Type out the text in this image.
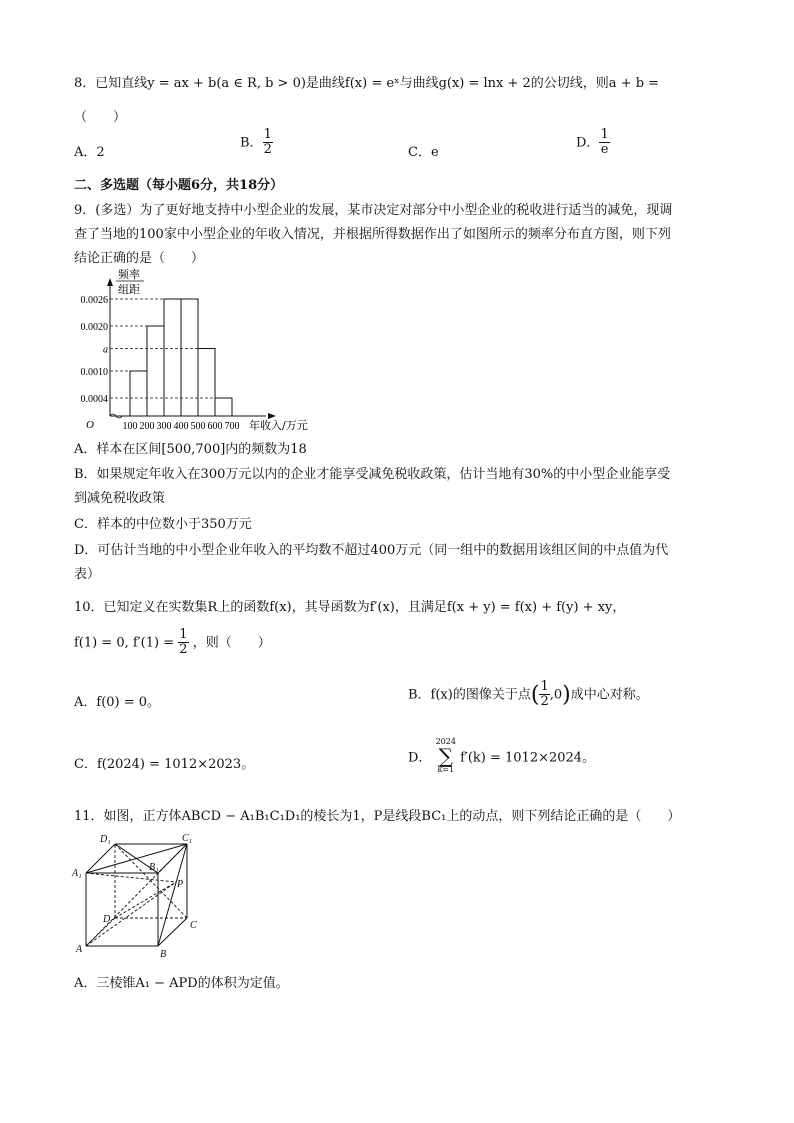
8．已知直线y = ax + b(a ∈ R, b > 0)是曲线f(x) = eˣ与曲线g(x) = lnx + 2的公切线，则a + b =
（　　）
A．2
B． $\frac{1}{2}$	C．e
D． $\frac{1}{e}$
二、多选题（每小题6分，共18分）
9．(多选）为了更好地支持中小型企业的发展，某市决定对部分中小型企业的税收进行适当的减免，现调
查了当地的100家中小型企业的年收入情况，并根据所得数据作出了如图所示的频率分布直方图，则下列
结论正确的是（　　）
0.0026
0.0020
a
0.0010
0.0004
100 200 300 400 500 600 700
频率
组距
O	年收入/万元
A．样本在区间[500,700]内的频数为18
B．如果规定年收入在300万元以内的企业才能享受减免税收政策，估计当地有30%的中小型企业能享受
到减免税收政策
C．样本的中位数小于350万元
D．可估计当地的中小型企业年收入的平均数不超过400万元（同一组中的数据用该组区间的中点值为代
表）
10．已知定义在实数集R上的函数f(x)，其导函数为f′(x)，且满足f(x + y) = f(x) + f(y) + xy，
f(1) = 0, $f'(1) = \frac{1}{2}$ ，则（　　）
A．f(0) = 0。
B．f(x)的图像关于点( $\frac{1}{2} ,0$)成中心对称。
C．f(2024) = 1012×2023。	D．
2024
∑
k=1
f′(k) = 1012×2024。
11．如图，正方体ABCD − A₁B₁C₁D₁的棱长为1，P是线段BC₁上的动点，则下列结论正确的是（　　）
D₁	C₁
A₁
B₁
D
C
A	B
P
A．三棱锥A₁ − APD的体积为定值。
